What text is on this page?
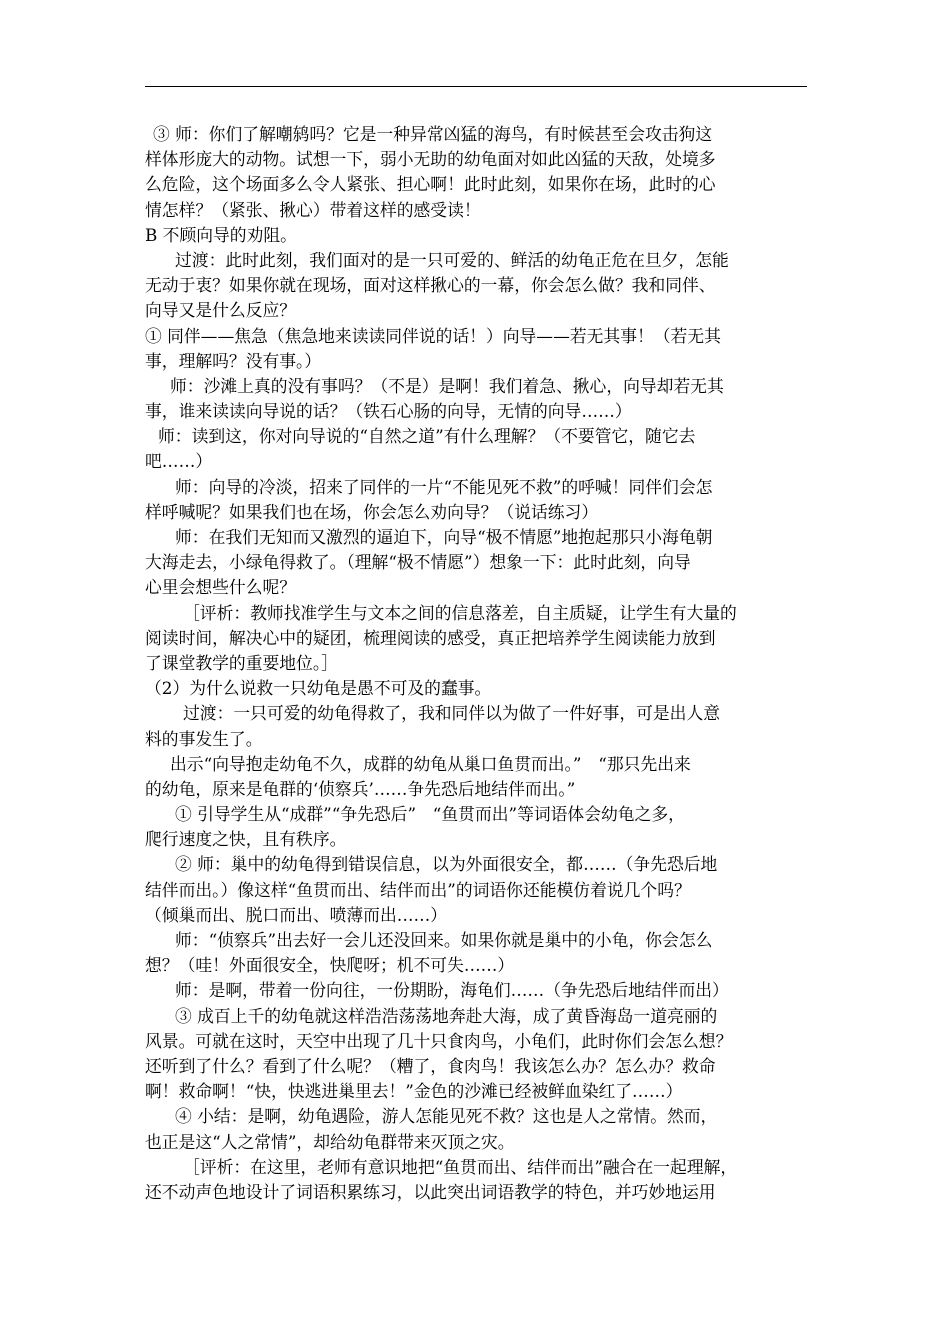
③ 师：你们了解嘲鸫吗？它是一种异常凶猛的海鸟，有时候甚至会攻击狗这
样体形庞大的动物。试想一下，弱小无助的幼龟面对如此凶猛的天敌，处境多
么危险，这个场面多么令人紧张、担心啊！此时此刻，如果你在场，此时的心
情怎样？（紧张、揪心）带着这样的感受读！
B 不顾向导的劝阻。
过渡：此时此刻，我们面对的是一只可爱的、鲜活的幼龟正危在旦夕，怎能
无动于衷？如果你就在现场，面对这样揪心的一幕，你会怎么做？我和同伴、
向导又是什么反应？
① 同伴——焦急（焦急地来读读同伴说的话！）向导——若无其事！（若无其
事，理解吗？没有事。）
师：沙滩上真的没有事吗？（不是）是啊！我们着急、揪心，向导却若无其
事，谁来读读向导说的话？（铁石心肠的向导，无情的向导……）
师：读到这，你对向导说的“自然之道”有什么理解？（不要管它，随它去
吧……）
师：向导的冷淡，招来了同伴的一片“不能见死不救”的呼喊！同伴们会怎
样呼喊呢？如果我们也在场，你会怎么劝向导？（说话练习）
师：在我们无知而又激烈的逼迫下，向导“极不情愿”地抱起那只小海龟朝
大海走去，小绿龟得救了。（理解“极不情愿”）想象一下：此时此刻，向导
心里会想些什么呢？
［评析：教师找准学生与文本之间的信息落差，自主质疑，让学生有大量的
阅读时间，解决心中的疑团，梳理阅读的感受，真正把培养学生阅读能力放到
了课堂教学的重要地位。］
（2）为什么说救一只幼龟是愚不可及的蠢事。
过渡：一只可爱的幼龟得救了，我和同伴以为做了一件好事，可是出人意
料的事发生了。
出示“向导抱走幼龟不久，成群的幼龟从巢口鱼贯而出。”　“那只先出来
的幼龟，原来是龟群的‘侦察兵’……争先恐后地结伴而出。”
① 引导学生从“成群”“争先恐后”　“鱼贯而出”等词语体会幼龟之多，
爬行速度之快，且有秩序。
② 师：巢中的幼龟得到错误信息，以为外面很安全，都……（争先恐后地
结伴而出。）像这样“鱼贯而出、结伴而出”的词语你还能模仿着说几个吗？
（倾巢而出、脱口而出、喷薄而出……）
师：“侦察兵”出去好一会儿还没回来。如果你就是巢中的小龟，你会怎么
想？（哇！外面很安全，快爬呀；机不可失……）
师：是啊，带着一份向往，一份期盼，海龟们……（争先恐后地结伴而出）
③ 成百上千的幼龟就这样浩浩荡荡地奔赴大海，成了黄昏海岛一道亮丽的
风景。可就在这时，天空中出现了几十只食肉鸟，小龟们，此时你们会怎么想？
还听到了什么？看到了什么呢？（糟了，食肉鸟！我该怎么办？怎么办？救命
啊！救命啊！“快，快逃进巢里去！”金色的沙滩已经被鲜血染红了……）
④ 小结：是啊，幼龟遇险，游人怎能见死不救？这也是人之常情。然而，
也正是这“人之常情”，却给幼龟群带来灭顶之灾。
［评析：在这里，老师有意识地把“鱼贯而出、结伴而出”融合在一起理解，
还不动声色地设计了词语积累练习，以此突出词语教学的特色，并巧妙地运用
